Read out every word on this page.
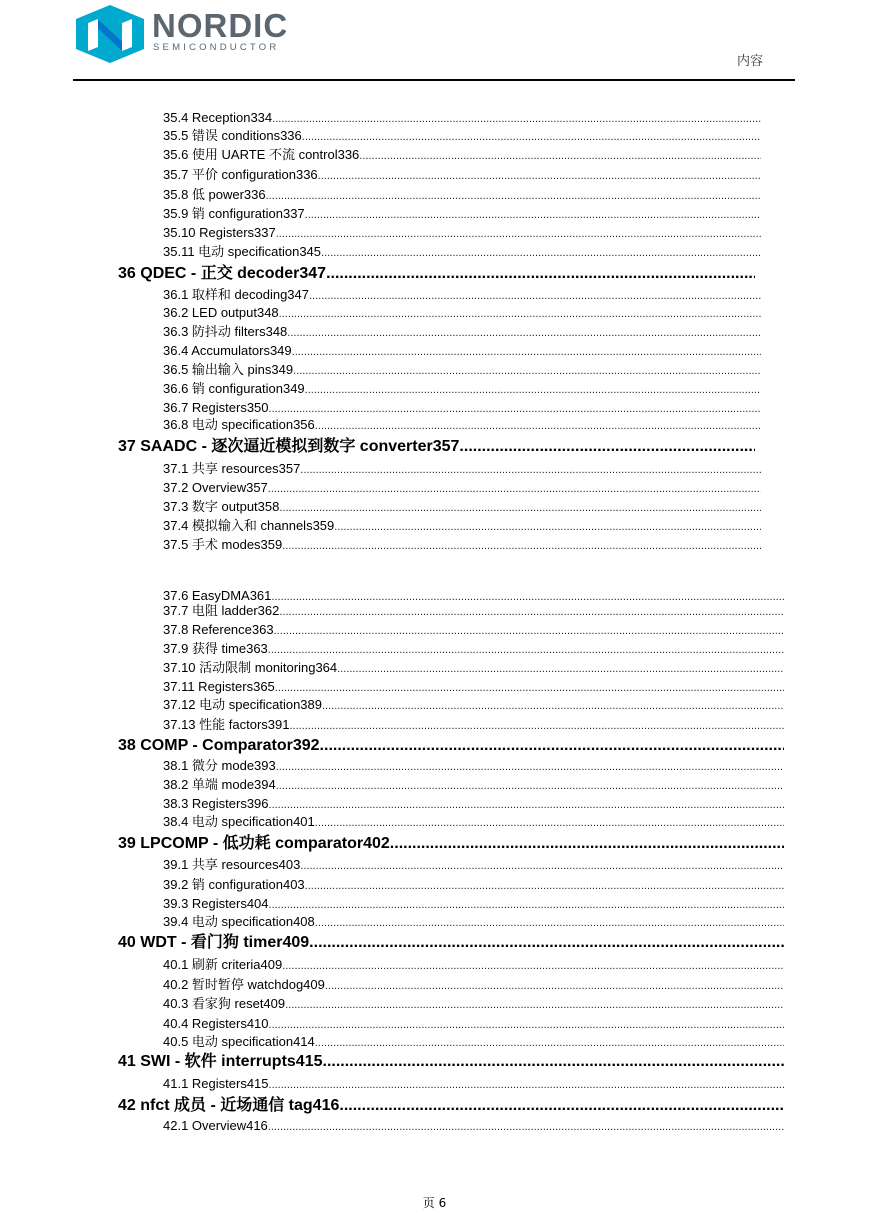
NORDIC
SEMICONDUCTOR
内容
35.4 Reception334
.....
35.5 错误 conditions336
.....
35.6 使用 UARTE 不流 control336
.....
35.7 平价 configuration336
.....
35.8 低 power336
.....
35.9 销 configuration337
.....
35.10 Registers337
.....
35.11 电动 specification345
.....
36 QDEC - 正交 decoder347
.....
36.1 取样和 decoding347
.....
36.2 LED output348
.....
36.3 防抖动 filters348
.....
36.4 Accumulators349
.....
36.5 输出输入 pins349
.....
36.6 销 configuration349
.....
36.7 Registers350
.....
36.8 电动 specification356
.....
37 SAADC - 逐次逼近模拟到数字 converter357
.....
37.1 共享 resources357
.....
37.2 Overview357
.....
37.3 数字 output358
.....
37.4 模拟输入和 channels359
.....
37.5 手术 modes359
.....
37.6 EasyDMA361
.....
37.7 电阻 ladder362
.....
37.8 Reference363
.....
37.9 获得 time363
.....
37.10 活动限制 monitoring364
.....
37.11 Registers365
.....
37.12 电动 specification389
.....
37.13 性能 factors391
.....
38 COMP - Comparator392
.....
38.1 微分 mode393
.....
38.2 单端 mode394
.....
38.3 Registers396
.....
38.4 电动 specification401
.....
39 LPCOMP - 低功耗 comparator402
.....
39.1 共享 resources403
.....
39.2 销 configuration403
.....
39.3 Registers404
.....
39.4 电动 specification408
.....
40 WDT - 看门狗 timer409
.....
40.1 刷新 criteria409
.....
40.2 暂时暂停 watchdog409
.....
40.3 看家狗 reset409
.....
40.4 Registers410
.....
40.5 电动 specification414
.....
41 SWI - 软件 interrupts415
.....
41.1 Registers415
.....
42 nfct 成员 - 近场通信 tag416
.....
42.1 Overview416
.....
页 6
